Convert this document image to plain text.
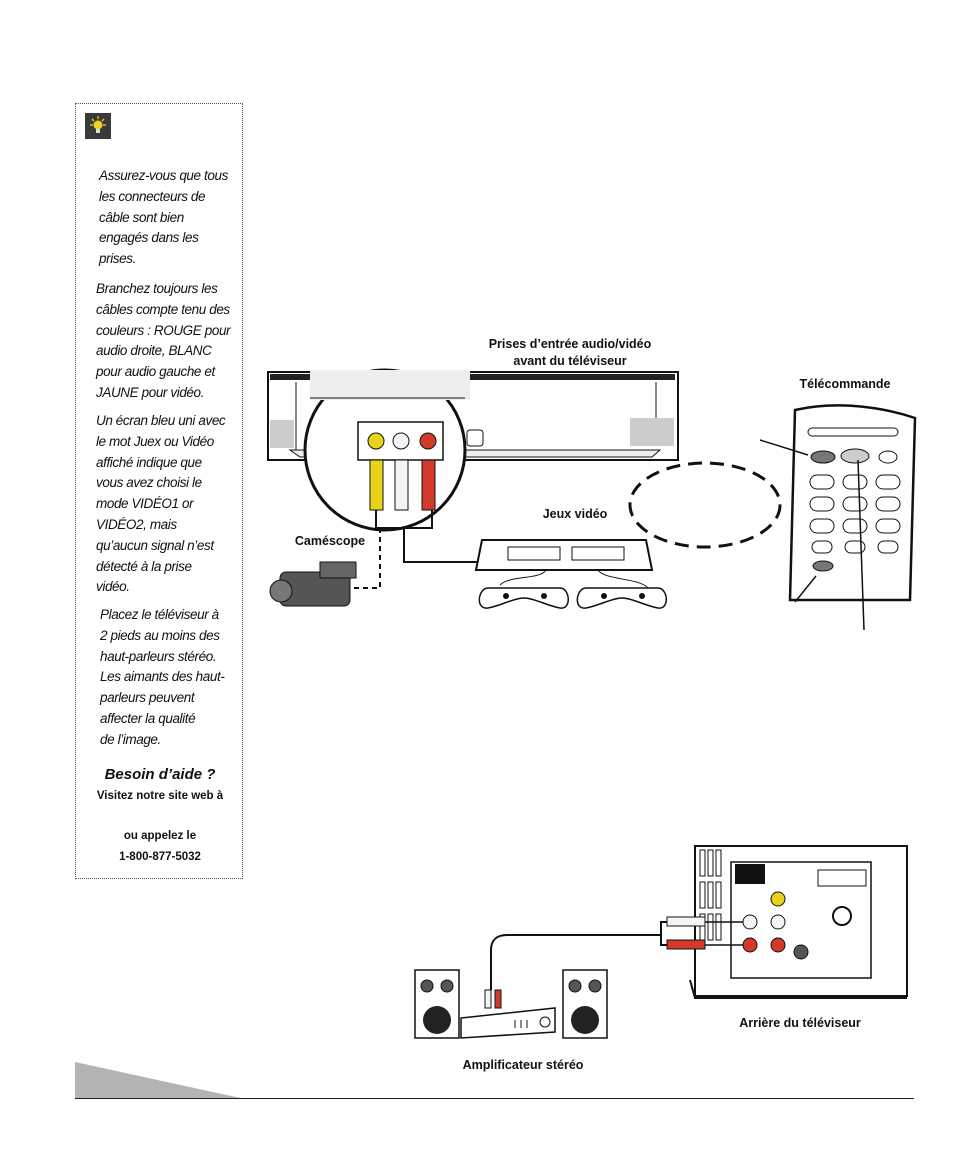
Assurez-vous que tous
les connecteurs de
câble sont bien
engagés dans les
prises.
Branchez toujours les
câbles compte tenu des
couleurs : ROUGE pour
audio droite, BLANC
pour audio gauche et
JAUNE pour vidéo.
Un écran bleu uni avec
le mot Juex ou Vidéo
affiché indique que
vous avez choisi le
mode VIDÉO1 or
VIDÉO2, mais
qu’aucun signal n’est
détecté à la prise
vidéo.
Placez le téléviseur à
2 pieds au moins des
haut-parleurs stéréo.
Les aimants des haut-
parleurs peuvent
affecter la qualité
de l’image.
Besoin d’aide ?
Visitez notre site web à
ou appelez le
1-800-877-5032
Prises d’entrée audio/vidéo
avant du téléviseur
Télécommande
Jeux vidéo
Caméscope
Arrière du téléviseur
Amplificateur stéréo
